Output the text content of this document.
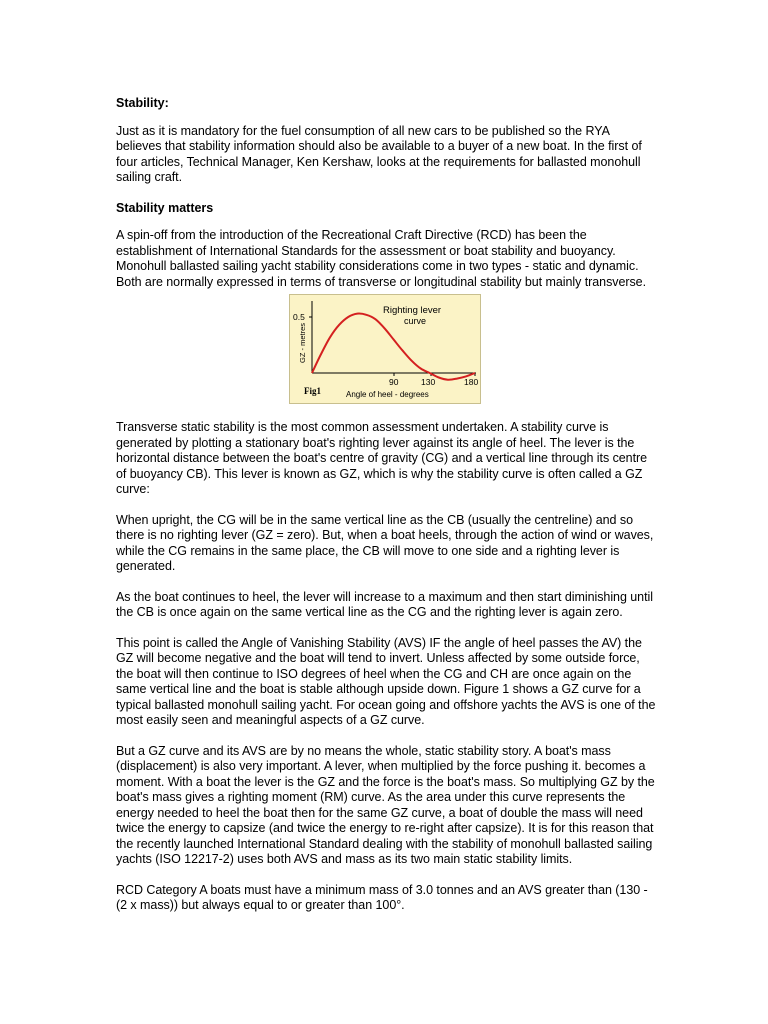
Stability:

Just as it is mandatory for the fuel consumption of all new cars to be published so the RYA believes that stability information should also be available to a buyer of a new boat. In the first of four articles, Technical Manager, Ken Kershaw, looks at the requirements for ballasted monohull sailing craft.

Stability matters

A spin-off from the introduction of the Recreational Craft Directive (RCD) has been the establishment of International Standards for the assessment or boat stability and buoyancy. Monohull ballasted sailing yacht stability considerations come in two types - static and dynamic. Both are normally expressed in terms of transverse or longitudinal stability but mainly transverse.

0.5
GZ - metres
Righting lever
curve
90	130	180
Fig1	Angle of heel - degrees

Transverse static stability is the most common assessment undertaken. A stability curve is generated by plotting a stationary boat's righting lever against its angle of heel. The lever is the horizontal distance between the boat's centre of gravity (CG) and a vertical line through its centre of buoyancy CB). This lever is known as GZ, which is why the stability curve is often called a GZ curve:

When upright, the CG will be in the same vertical line as the CB (usually the centreline) and so there is no righting lever (GZ = zero). But, when a boat heels, through the action of wind or waves, while the CG remains in the same place, the CB will move to one side and a righting lever is generated.

As the boat continues to heel, the lever will increase to a maximum and then start diminishing until the CB is once again on the same vertical line as the CG and the righting lever is again zero.

This point is called the Angle of Vanishing Stability (AVS) IF the angle of heel passes the AV) the GZ will become negative and the boat will tend to invert. Unless affected by some outside force, the boat will then continue to ISO degrees of heel when the CG and CH are once again on the same vertical line and the boat is stable although upside down. Figure 1 shows a GZ curve for a typical ballasted monohull sailing yacht. For ocean going and offshore yachts the AVS is one of the most easily seen and meaningful aspects of a GZ curve.

But a GZ curve and its AVS are by no means the whole, static stability story. A boat's mass (displacement) is also very important. A lever, when multiplied by the force pushing it. becomes a moment. With a boat the lever is the GZ and the force is the boat's mass. So multiplying GZ by the boat's mass gives a righting moment (RM) curve. As the area under this curve represents the energy needed to heel the boat then for the same GZ curve, a boat of double the mass will need twice the energy to capsize (and twice the energy to re-right after capsize). It is for this reason that the recently launched International Standard dealing with the stability of monohull ballasted sailing yachts (ISO 12217-2) uses both AVS and mass as its two main static stability limits.

RCD Category A boats must have a minimum mass of 3.0 tonnes and an AVS greater than (130 - (2 x mass)) but always equal to or greater than 100°.
